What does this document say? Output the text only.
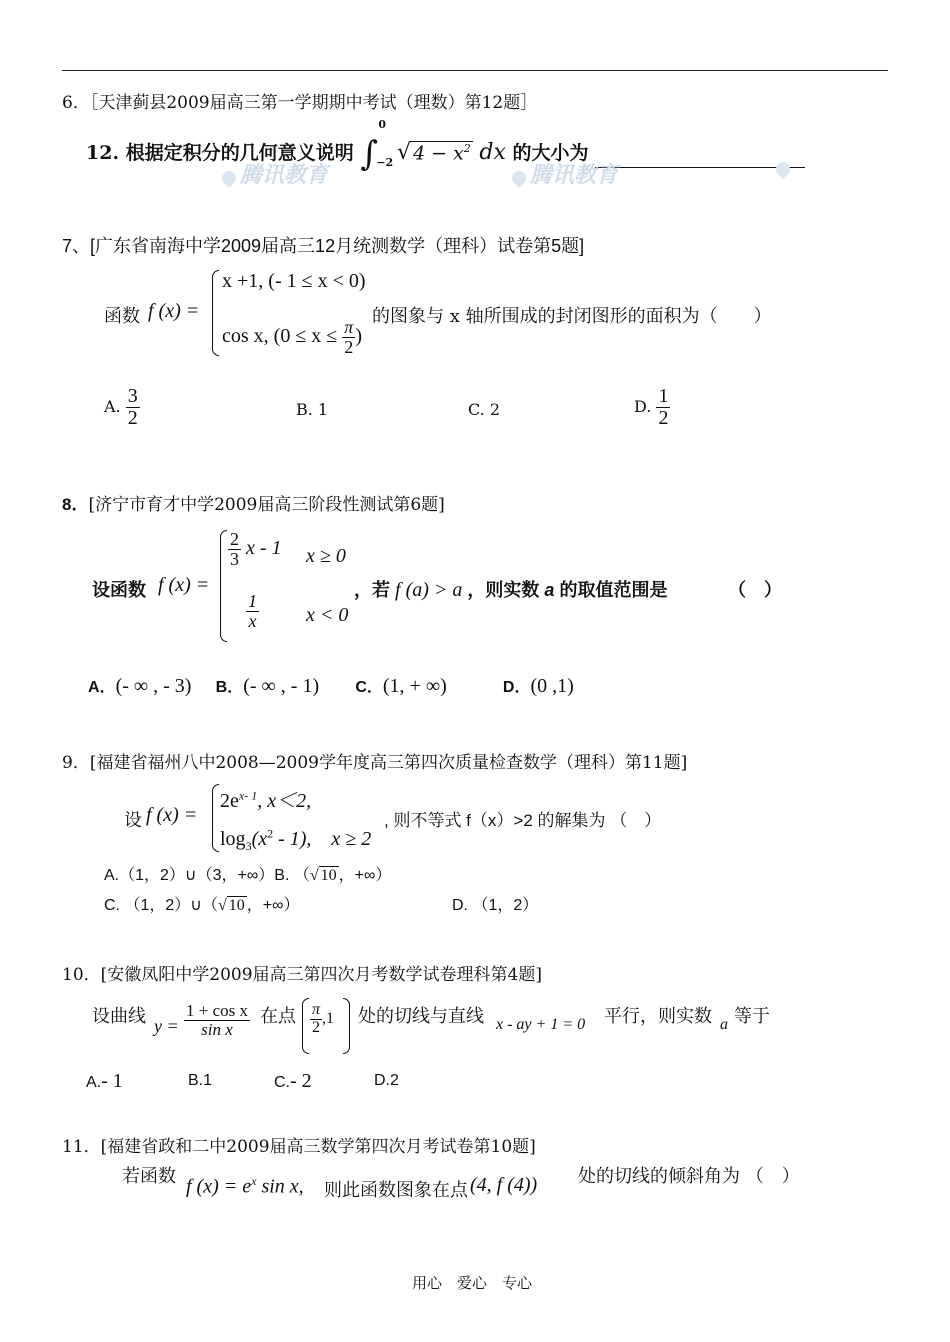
6．［天津蓟县2009届高三第一学期期中考试（理数）第12题］
12. 根据定积分的几何意义说明 ∫
0
−2 √ $4 - x^2$ dx 的大小为
腾讯教育	腾讯教育
7、[广东省南海中学2009届高三12月统测数学（理科）试卷第5题]
函数 f (x) =
x +1, (- 1 ≤ x < 0)
cos x, ($0 \le x \le \frac{\pi}{2}$ )
的图象与 x 轴所围成的封闭图形的面积为（　　）
A. $\frac{3}{2}$	B. 1	C. 2	D. $\frac{1}{2}$
8．[济宁市育才中学2009届高三阶段性测试第6题]
设函数 f (x) =
$\frac{2}{3}$ x - 1 x ≥ 0
$\frac{1}{x}$ x < 0
，若 f (a) > a ，则实数 a 的取值范围是	（　）
A．(- ∞ , - 3) B．(- ∞ , - 1) C．(1, + ∞)	D．(0 ,1)
9．[福建省福州八中2008—2009学年度高三第四次质量检查数学（理科）第11题]
设 f (x) =
$2e^{x- 1}$, x＜2,
$\log_3(x^2 - 1)$,　x ≥ 2
, 则不等式 f（x）>2 的解集为 （　）
A.（1，2）∪（3，+∞）B. （√ 10 ，+∞）
C. （1，2）∪（√ 10 ，+∞）	D. （1，2）
10．[安徽凤阳中学2009届高三第四次月考数学试卷理科第4题]
设曲线 $y = \frac{\text{1 + cos x}}{\text{sin x}}$ 在点 $\frac{\pi}{2} ,1$ 处的切线与直线 x - ay + 1 = 0 平行，则实数 a 等于
A.- 1	B.1	C.- 2	D.2
11．[福建省政和二中2009届高三数学第四次月考试卷第10题]
若函数 f $(x) = e^x$ sin x, 则此函数图象在点 (4, f (4)) 处的切线的倾斜角为 （　）
用心　爱心　专心
